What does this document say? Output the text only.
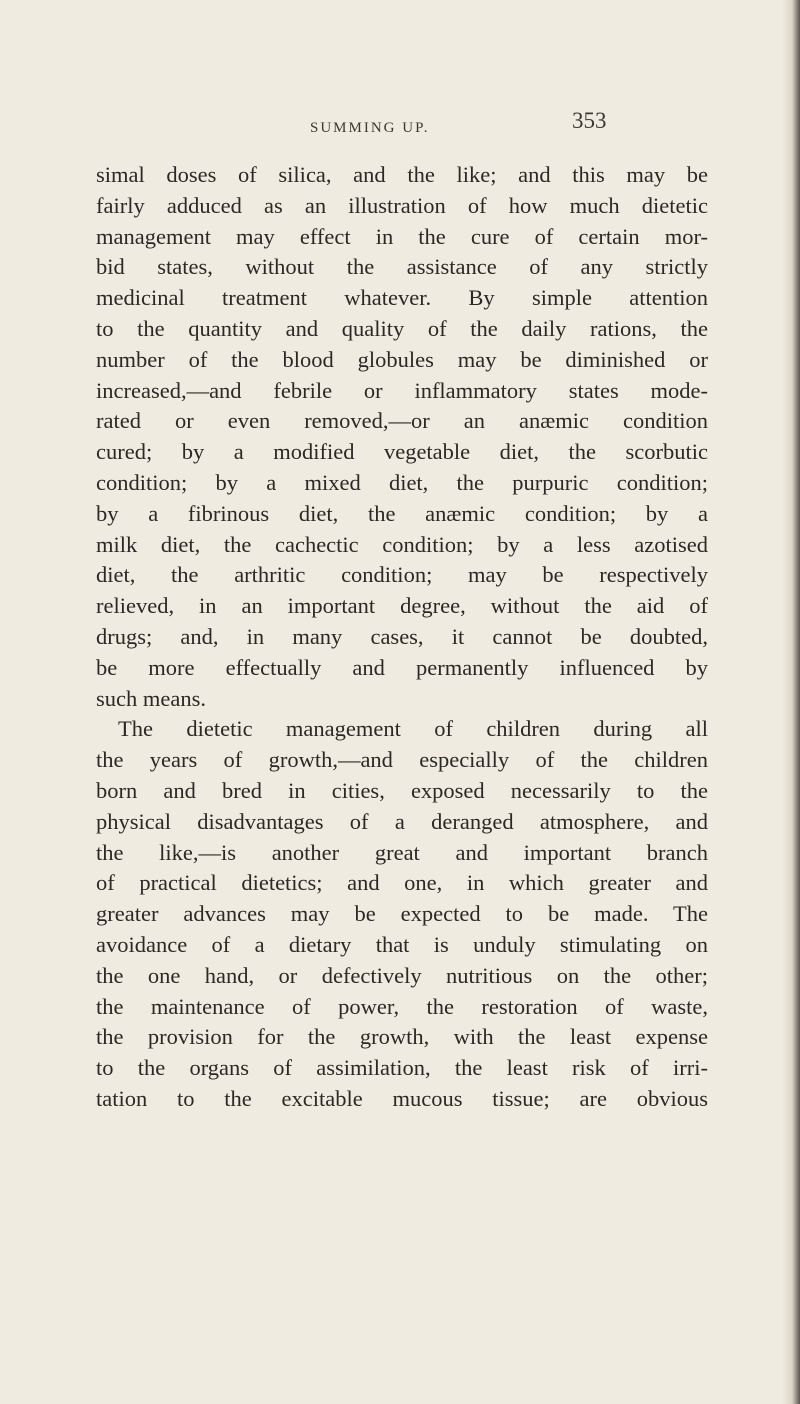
SUMMING UP.	353
simal doses of silica, and the like; and this may be
fairly adduced as an illustration of how much dietetic
management may effect in the cure of certain mor-
bid states, without the assistance of any strictly
medicinal treatment whatever. By simple attention
to the quantity and quality of the daily rations, the
number of the blood globules may be diminished or
increased,—and febrile or inflammatory states mode-
rated or even removed,—or an anæmic condition
cured; by a modified vegetable diet, the scorbutic
condition; by a mixed diet, the purpuric condition;
by a fibrinous diet, the anæmic condition; by a
milk diet, the cachectic condition; by a less azotised
diet, the arthritic condition; may be respectively
relieved, in an important degree, without the aid of
drugs; and, in many cases, it cannot be doubted,
be more effectually and permanently influenced by
such means.
The dietetic management of children during all
the years of growth,—and especially of the children
born and bred in cities, exposed necessarily to the
physical disadvantages of a deranged atmosphere, and
the like,—is another great and important branch
of practical dietetics; and one, in which greater and
greater advances may be expected to be made. The
avoidance of a dietary that is unduly stimulating on
the one hand, or defectively nutritious on the other;
the maintenance of power, the restoration of waste,
the provision for the growth, with the least expense
to the organs of assimilation, the least risk of irri-
tation to the excitable mucous tissue; are obvious
